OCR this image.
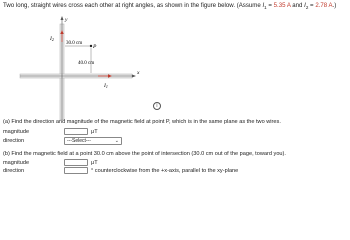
Two long, straight wires cross each other at right angles, as shown in the figure below. (Assume $I_1 = 5.35$ A and $I_2 = 2.78$ A.)
y
x
I2
I1
30.0 cm
40.0 cm
P
i
(a) Find the direction and magnitude of the magnetic field at point P, which is in the same plane as the two wires.
magnitude	μT
direction	---Select---	⌄
(b) Find the magnetic field at a point 30.0 cm above the point of intersection (30.0 cm out of the page, toward you).
magnitude	μT
direction	° counterclockwise from the +x-axis, parallel to the xy-plane
